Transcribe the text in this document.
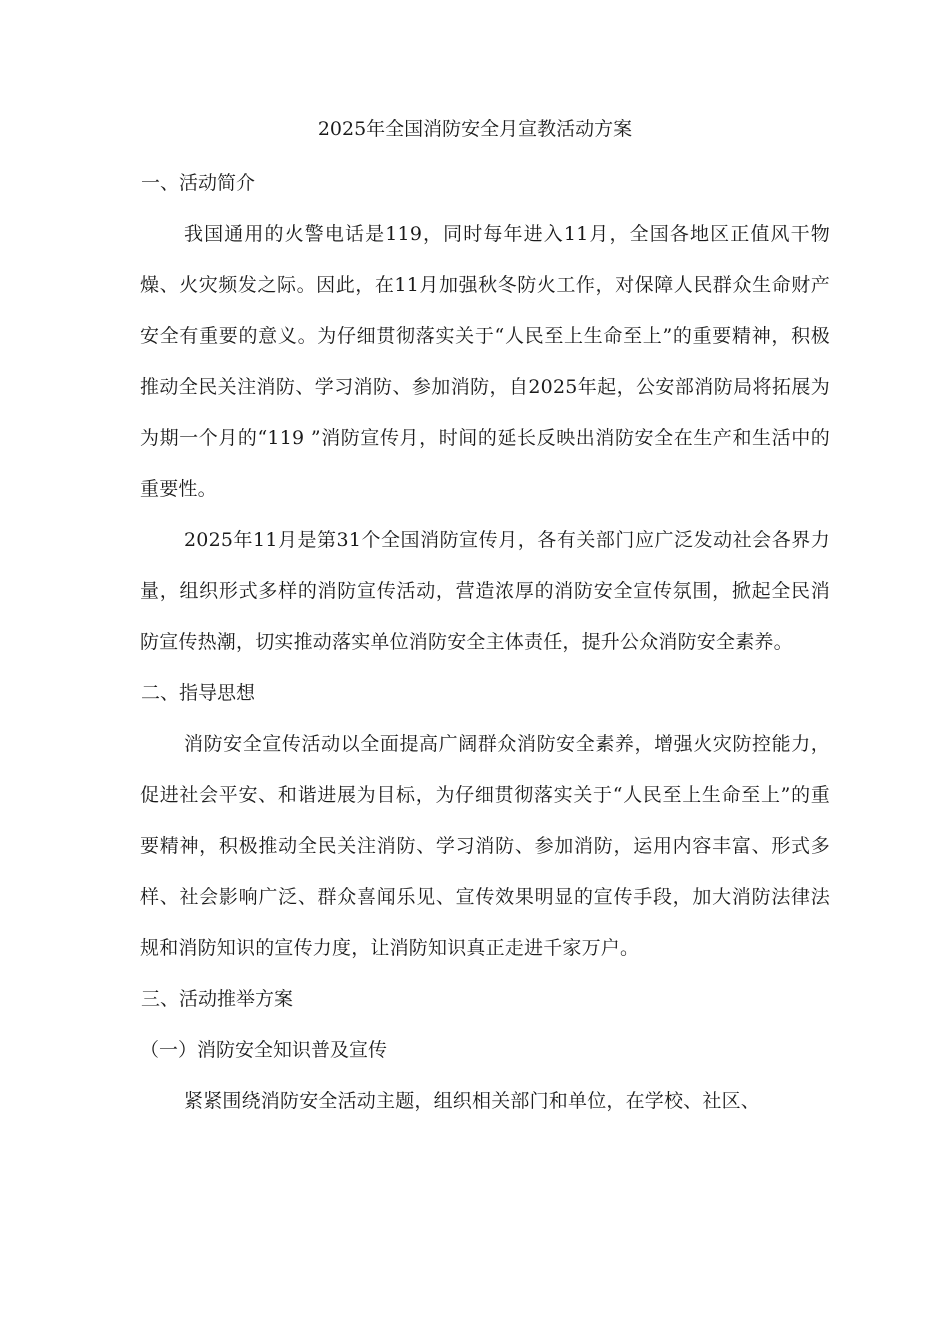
2025年全国消防安全月宣教活动方案

一、活动简介

我国通用的火警电话是119，同时每年进入11月，全国各地区正值风干物燥、火灾频发之际。因此，在11月加强秋冬防火工作，对保障人民群众生命财产安全有重要的意义。为仔细贯彻落实关于“人民至上生命至上”的重要精神，积极推动全民关注消防、学习消防、参加消防，自2025年起，公安部消防局将拓展为为期一个月的“119 ”消防宣传月，时间的延长反映出消防安全在生产和生活中的重要性。

2025年11月是第31个全国消防宣传月，各有关部门应广泛发动社会各界力量，组织形式多样的消防宣传活动，营造浓厚的消防安全宣传氛围，掀起全民消防宣传热潮，切实推动落实单位消防安全主体责任，提升公众消防安全素养。

二、指导思想

消防安全宣传活动以全面提高广阔群众消防安全素养，增强火灾防控能力，促进社会平安、和谐进展为目标，为仔细贯彻落实关于“人民至上生命至上”的重要精神，积极推动全民关注消防、学习消防、参加消防，运用内容丰富、形式多样、社会影响广泛、群众喜闻乐见、宣传效果明显的宣传手段，加大消防法律法规和消防知识的宣传力度，让消防知识真正走进千家万户。

三、活动推举方案

（一）消防安全知识普及宣传

紧紧围绕消防安全活动主题，组织相关部门和单位，在学校、社区、
